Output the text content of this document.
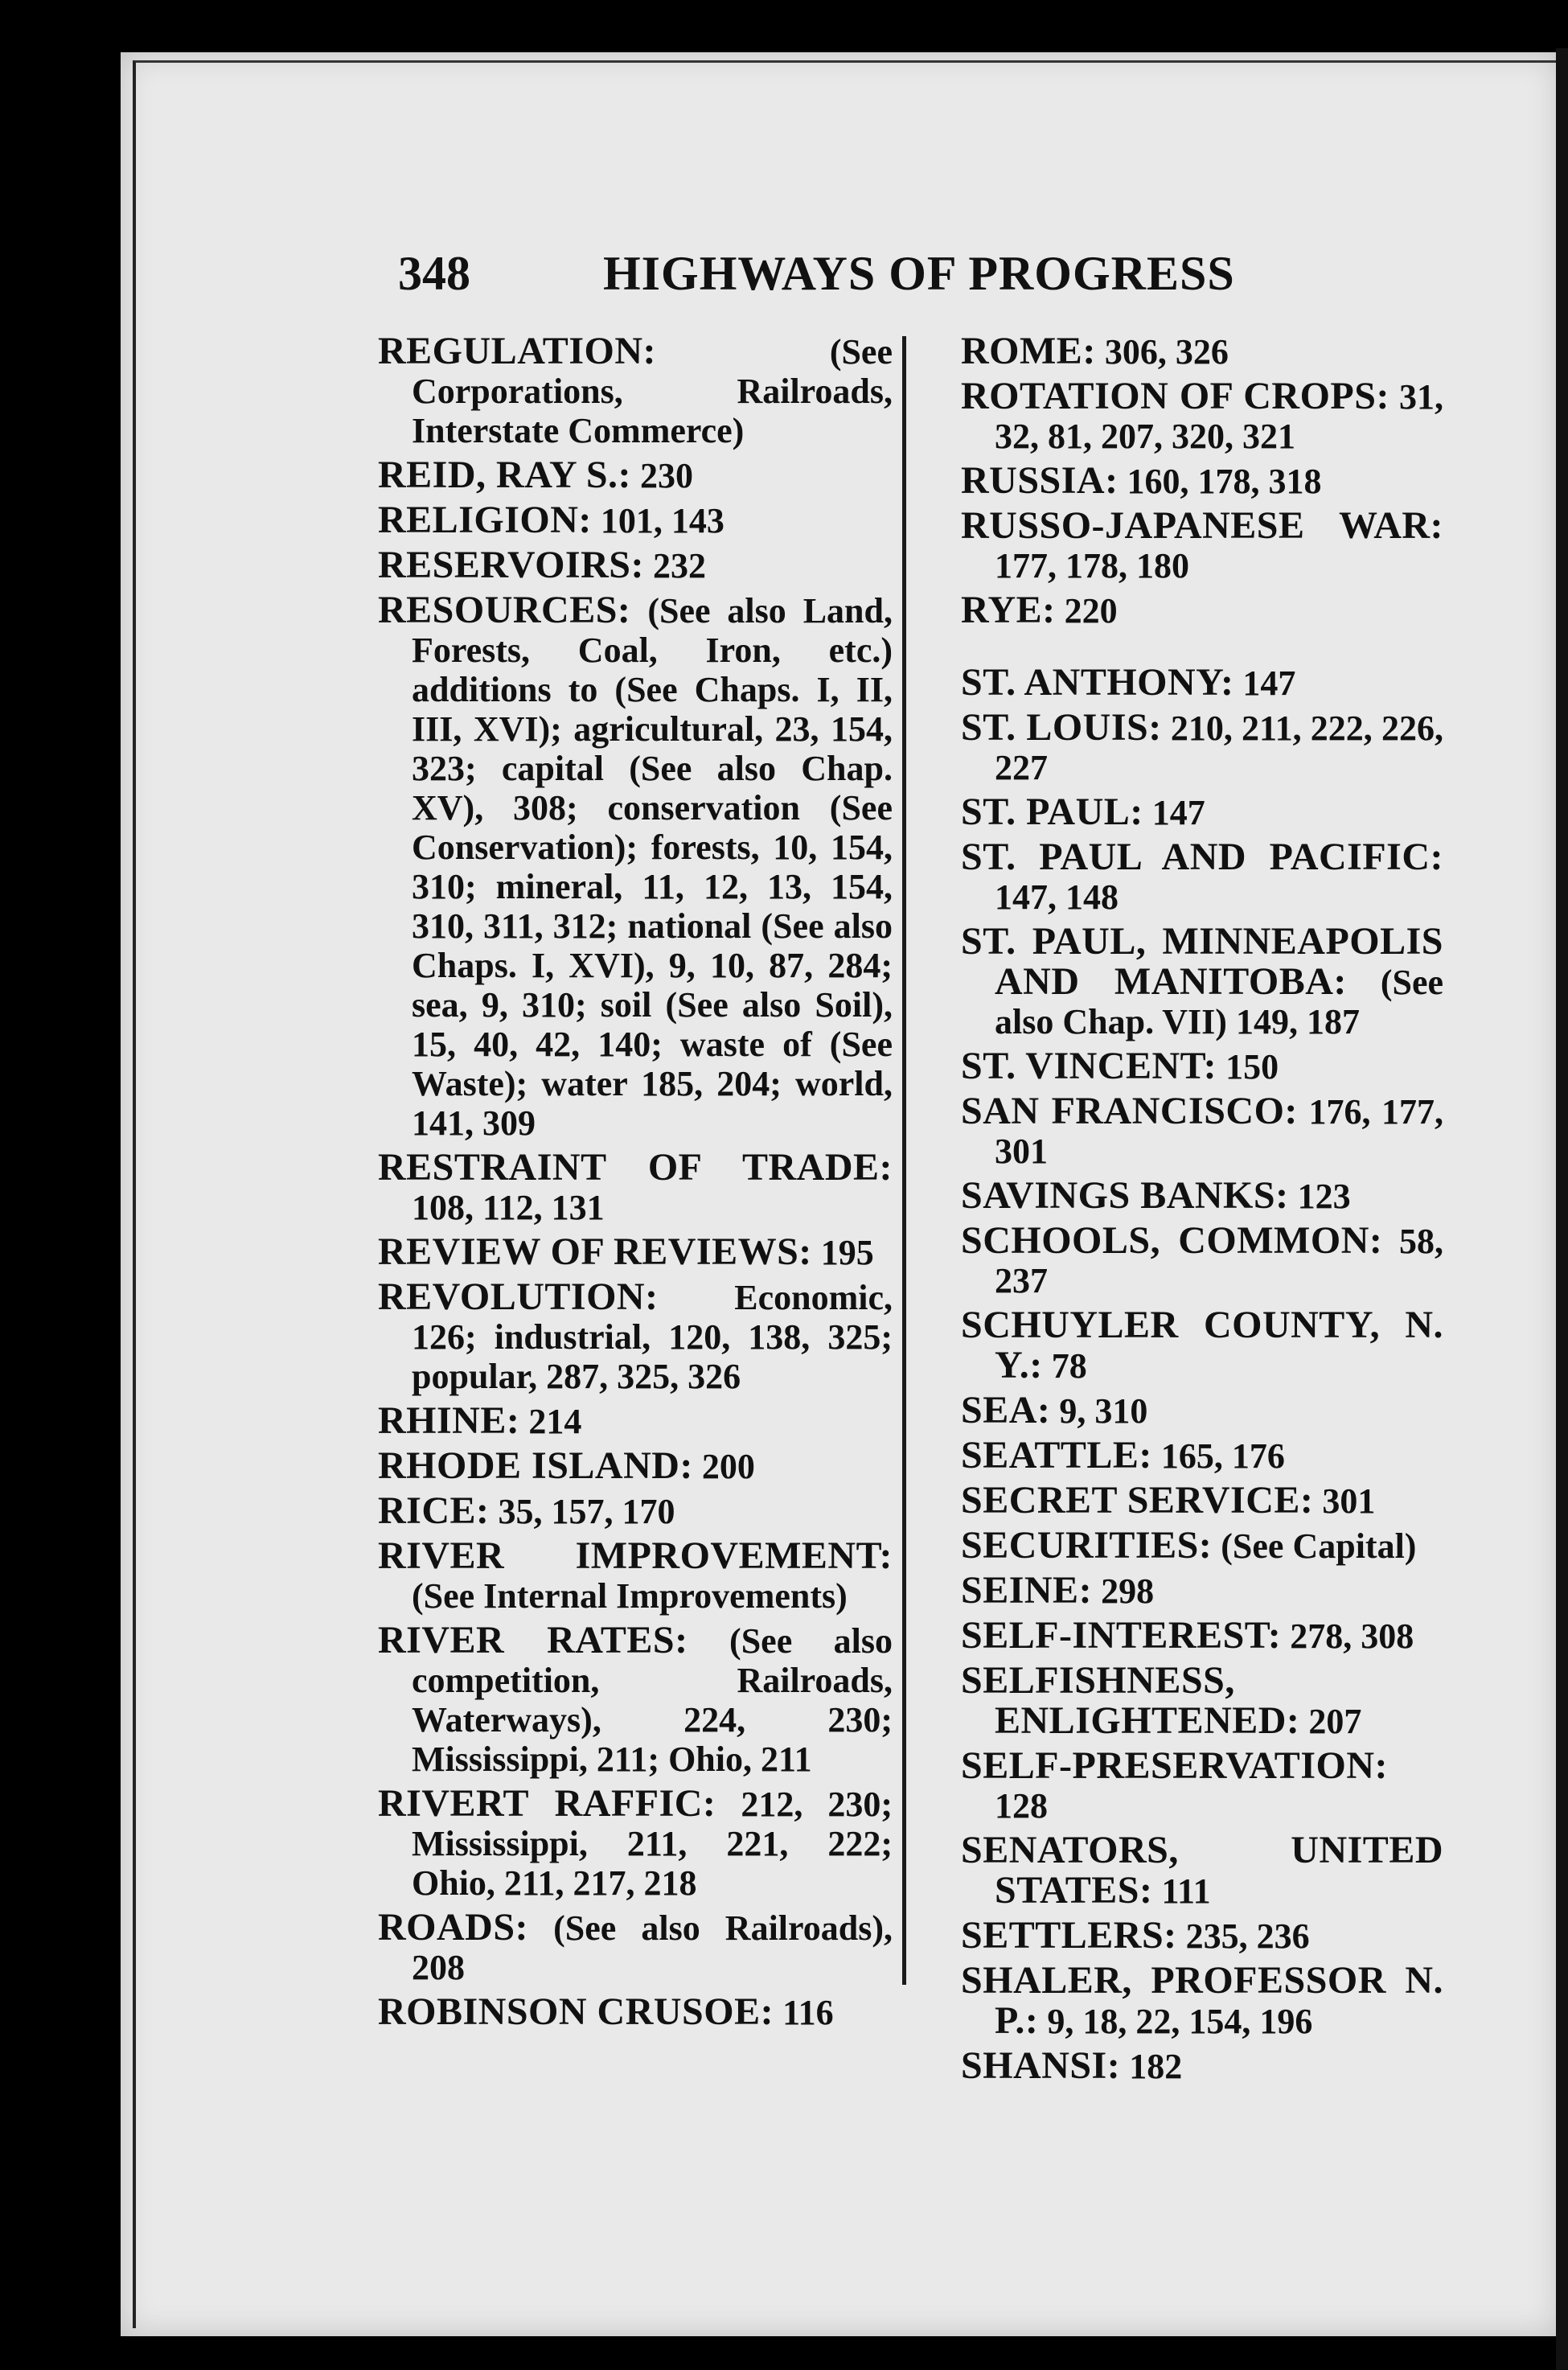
348	HIGHWAYS OF PROGRESS
REGULATION: (See Corporations, Railroads, Interstate Commerce)
REID, RAY S.: 230
RELIGION: 101, 143
RESERVOIRS: 232
RESOURCES: (See also Land, Forests, Coal, Iron, etc.) additions to (See Chaps. I, II, III, XVI); agricultural, 23, 154, 323; capital (See also Chap. XV), 308; conservation (See Conservation); forests, 10, 154, 310; mineral, 11, 12, 13, 154, 310, 311, 312; national (See also Chaps. I, XVI), 9, 10, 87, 284; sea, 9, 310; soil (See also Soil), 15, 40, 42, 140; waste of (See Waste); water 185, 204; world, 141, 309
RESTRAINT OF TRADE: 108, 112, 131
REVIEW OF REVIEWS: 195
REVOLUTION: Economic, 126; industrial, 120, 138, 325; popular, 287, 325, 326
RHINE: 214
RHODE ISLAND: 200
RICE: 35, 157, 170
RIVER IMPROVEMENT: (See Internal Improvements)
RIVER RATES: (See also competition, Railroads, Waterways), 224, 230; Mississippi, 211; Ohio, 211
RIVERT RAFFIC: 212, 230; Mississippi, 211, 221, 222; Ohio, 211, 217, 218
ROADS: (See also Railroads), 208
ROBINSON CRUSOE: 116
ROME: 306, 326
ROTATION OF CROPS: 31, 32, 81, 207, 320, 321
RUSSIA: 160, 178, 318
RUSSO-JAPANESE WAR: 177, 178, 180
RYE: 220
ST. ANTHONY: 147
ST. LOUIS: 210, 211, 222, 226, 227
ST. PAUL: 147
ST. PAUL AND PACIFIC: 147, 148
ST. PAUL, MINNEAPOLIS AND MANITOBA: (See also Chap. VII) 149, 187
ST. VINCENT: 150
SAN FRANCISCO: 176, 177, 301
SAVINGS BANKS: 123
SCHOOLS, COMMON: 58, 237
SCHUYLER COUNTY, N. Y.: 78
SEA: 9, 310
SEATTLE: 165, 176
SECRET SERVICE: 301
SECURITIES: (See Capital)
SEINE: 298
SELF-INTEREST: 278, 308
SELFISHNESS, ENLIGHTENED: 207
SELF-PRESERVATION: 128
SENATORS, UNITED STATES: 111
SETTLERS: 235, 236
SHALER, PROFESSOR N. P.: 9, 18, 22, 154, 196
SHANSI: 182
